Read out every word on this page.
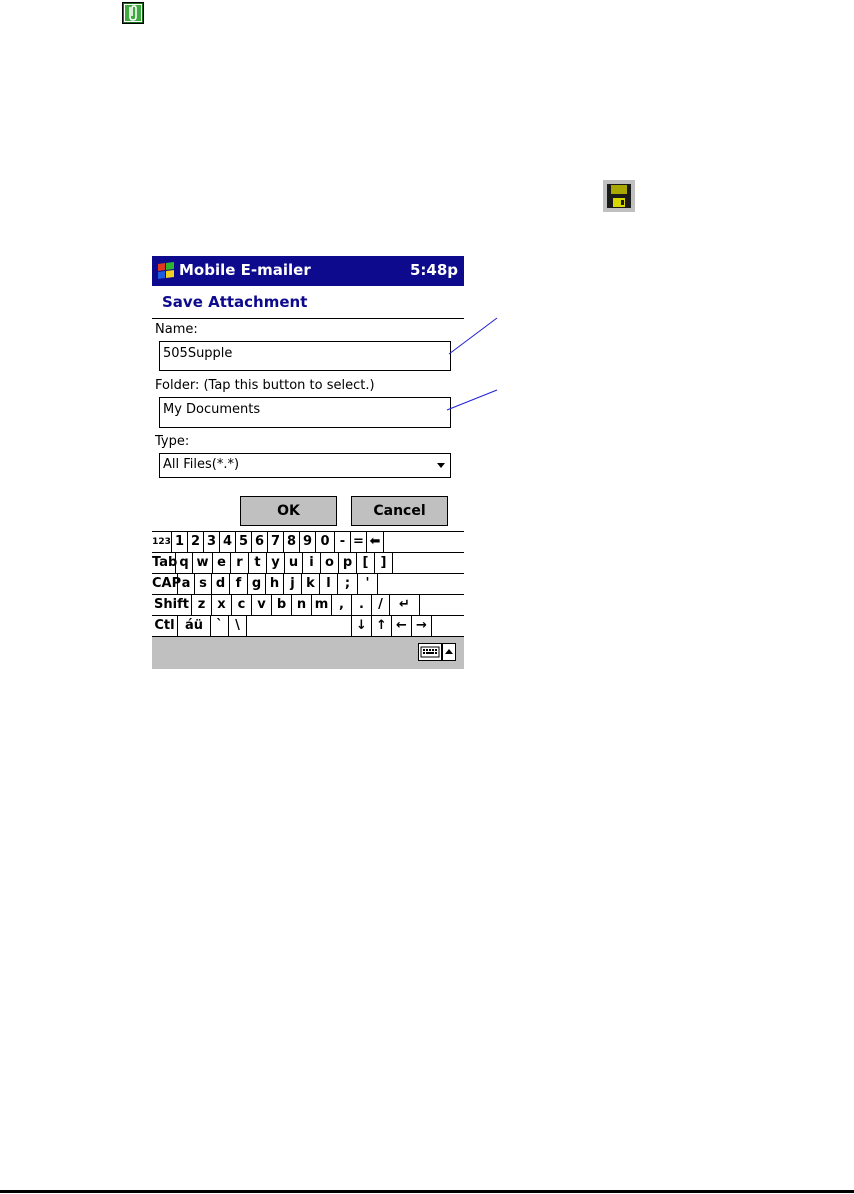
Mobile E-mailer	5:48p
Save Attachment
Name:
505Supple
Folder: (Tap this button to select.)
My Documents
Type:
All Files(*.*)
OK	Cancel
123 1 2 3 4 5 6 7 8 9 0 - = ⬅
Tab q w e r t y u i o p [ ]
CAP a s d f g h j k l	;	'
Shift z x c v b n m ,	.	/	↵
Ctl áü	` \	↓ ↑ ← →
